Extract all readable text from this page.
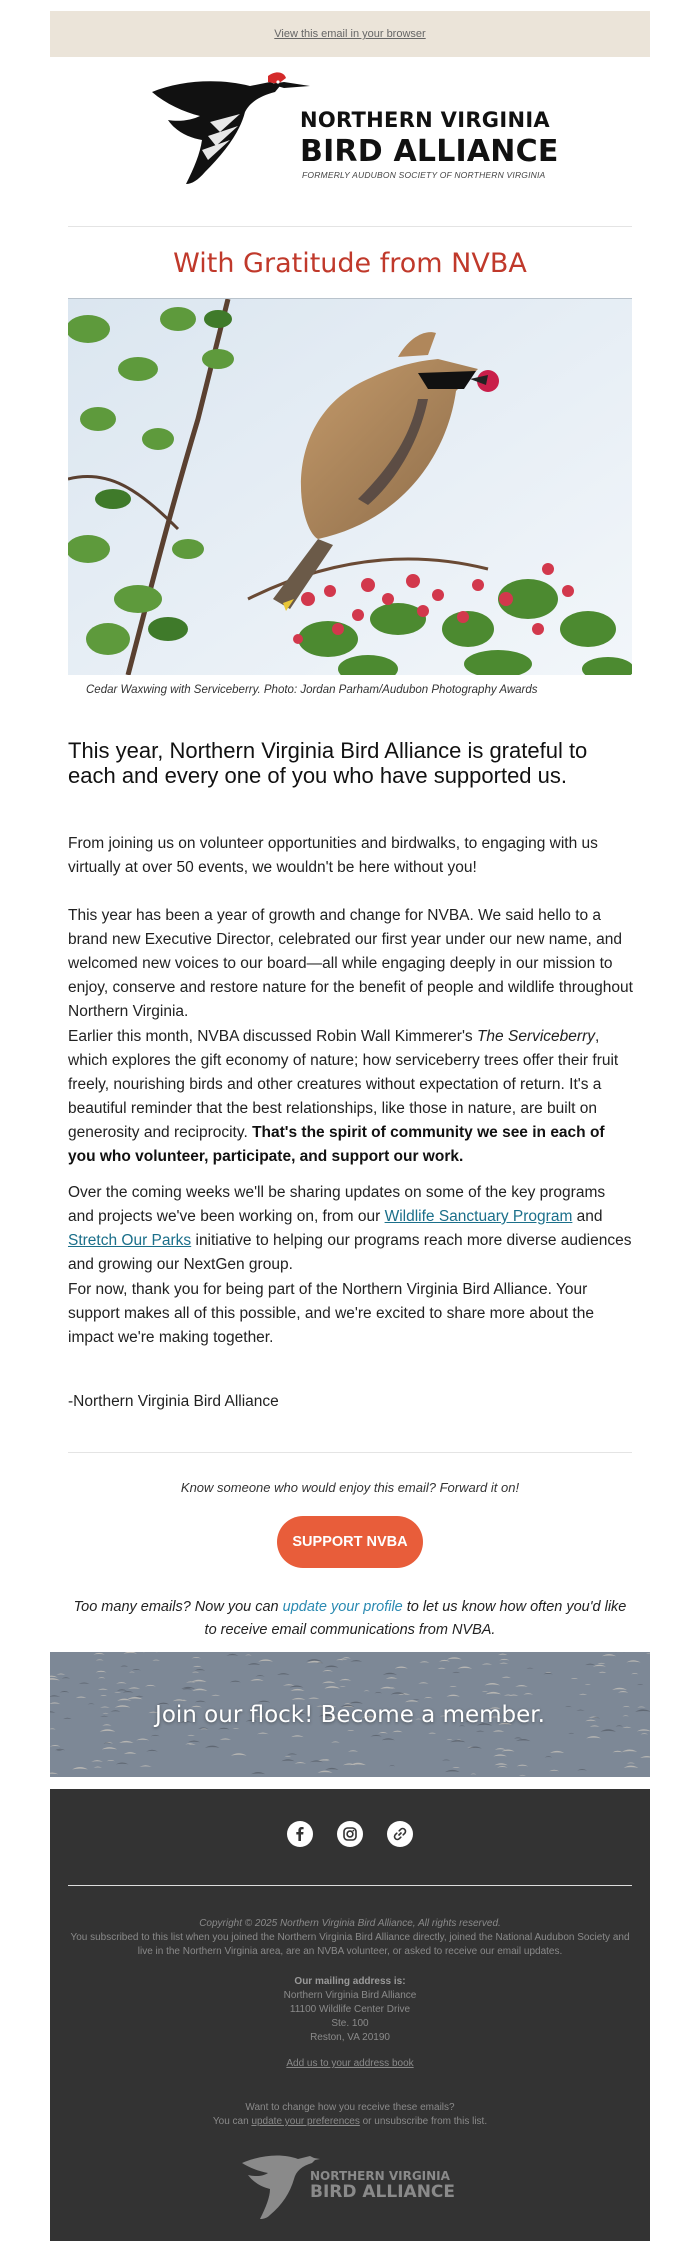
View this email in your browser
NORTHERN VIRGINIA
BIRD ALLIANCE
FORMERLY AUDUBON SOCIETY OF NORTHERN VIRGINIA
With Gratitude from NVBA
Cedar Waxwing with Serviceberry. Photo: Jordan Parham/Audubon Photography Awards
This year, Northern Virginia Bird Alliance is grateful to each and every one of you who have supported us.

From joining us on volunteer opportunities and birdwalks, to engaging with us virtually at over 50 events, we wouldn't be here without you!

This year has been a year of growth and change for NVBA. We said hello to a brand new Executive Director, celebrated our first year under our new name, and welcomed new voices to our board—all while engaging deeply in our mission to enjoy, conserve and restore nature for the benefit of people and wildlife throughout Northern Virginia.

Earlier this month, NVBA discussed Robin Wall Kimmerer's The Serviceberry, which explores the gift economy of nature; how serviceberry trees offer their fruit freely, nourishing birds and other creatures without expectation of return. It's a beautiful reminder that the best relationships, like those in nature, are built on generosity and reciprocity. That's the spirit of community we see in each of you who volunteer, participate, and support our work.

Over the coming weeks we'll be sharing updates on some of the key programs and projects we've been working on, from our Wildlife Sanctuary Program and Stretch Our Parks initiative to helping our programs reach more diverse audiences and growing our NextGen group.

For now, thank you for being part of the Northern Virginia Bird Alliance. Your support makes all of this possible, and we're excited to share more about the impact we're making together.

-Northern Virginia Bird Alliance

Know someone who would enjoy this email? Forward it on!
SUPPORT NVBA
Too many emails? Now you can update your profile to let us know how often you'd like to receive email communications from NVBA.
Join our flock! Become a member.
Copyright © 2025 Northern Virginia Bird Alliance, All rights reserved.
You subscribed to this list when you joined the Northern Virginia Bird Alliance directly, joined the National Audubon Society and live in the Northern Virginia area, are an NVBA volunteer, or asked to receive our email updates.
Our mailing address is:
Northern Virginia Bird Alliance
11100 Wildlife Center Drive
Ste. 100
Reston, VA 20190
Add us to your address book
Want to change how you receive these emails?
You can update your preferences or unsubscribe from this list.
NORTHERN VIRGINIA
BIRD ALLIANCE
